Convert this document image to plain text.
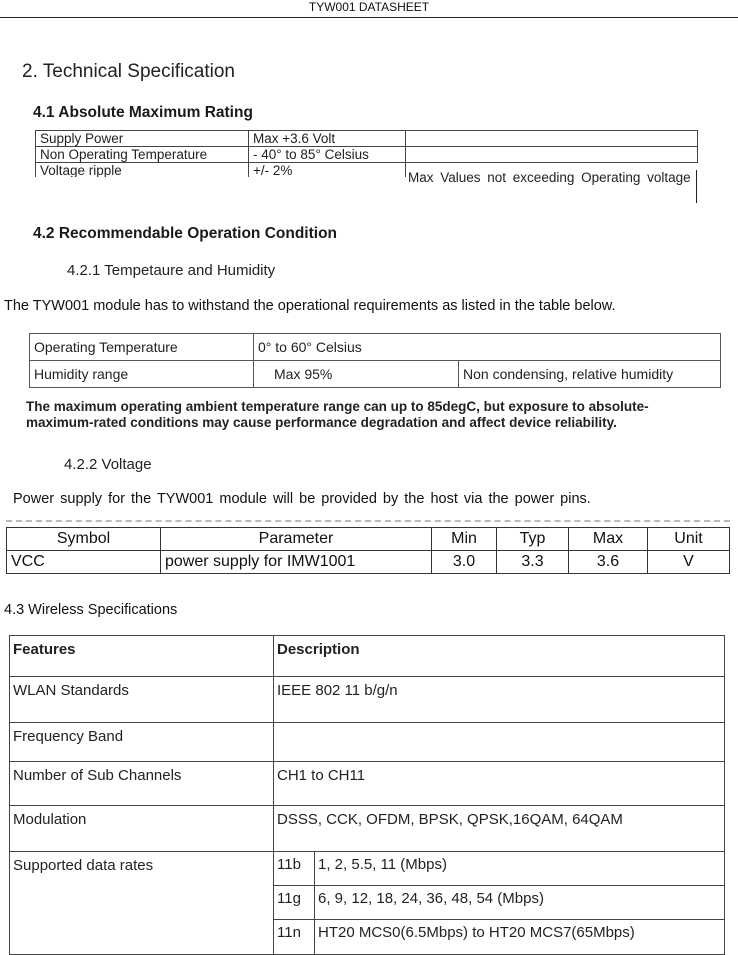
TYW001 DATASHEET
2. Technical Specification
4.1 Absolute Maximum Rating
Supply Power	Max +3.6 Volt	
Non Operating Temperature	- 40° to 85° Celsius	
Voltage ripple	+/- 2%		Max Values not exceeding Operating voltage
4.2 Recommendable Operation Condition
4.2.1 Tempetaure and Humidity
The TYW001 module has to withstand the operational requirements as listed in the table below.
Operating Temperature	0° to 60° Celsius	
Humidity range	Max 95%	Non condensing, relative humidity
The maximum operating ambient temperature range can up to 85degC, but exposure to absolute-maximum-rated conditions may cause performance degradation and affect device reliability.
4.2.2 Voltage
Power supply for the TYW001 module will be provided by the host via the power pins.
Symbol	Parameter	Min	Typ	Max	Unit
VCC	power supply for IMW1001	3.0	3.3	3.6	V
4.3 Wireless Specifications
Features	Description	
WLAN Standards	IEEE 802 11 b/g/n	
Frequency Band		
Number of Sub Channels	CH1 to CH11	
Modulation	DSSS, CCK, OFDM, BPSK, QPSK,16QAM, 64QAM	
Supported data rates	11b	1, 2, 5.5, 11 (Mbps)
	11g	6, 9, 12, 18, 24, 36, 48, 54 (Mbps)
	11n	HT20 MCS0(6.5Mbps) to HT20 MCS7(65Mbps)
